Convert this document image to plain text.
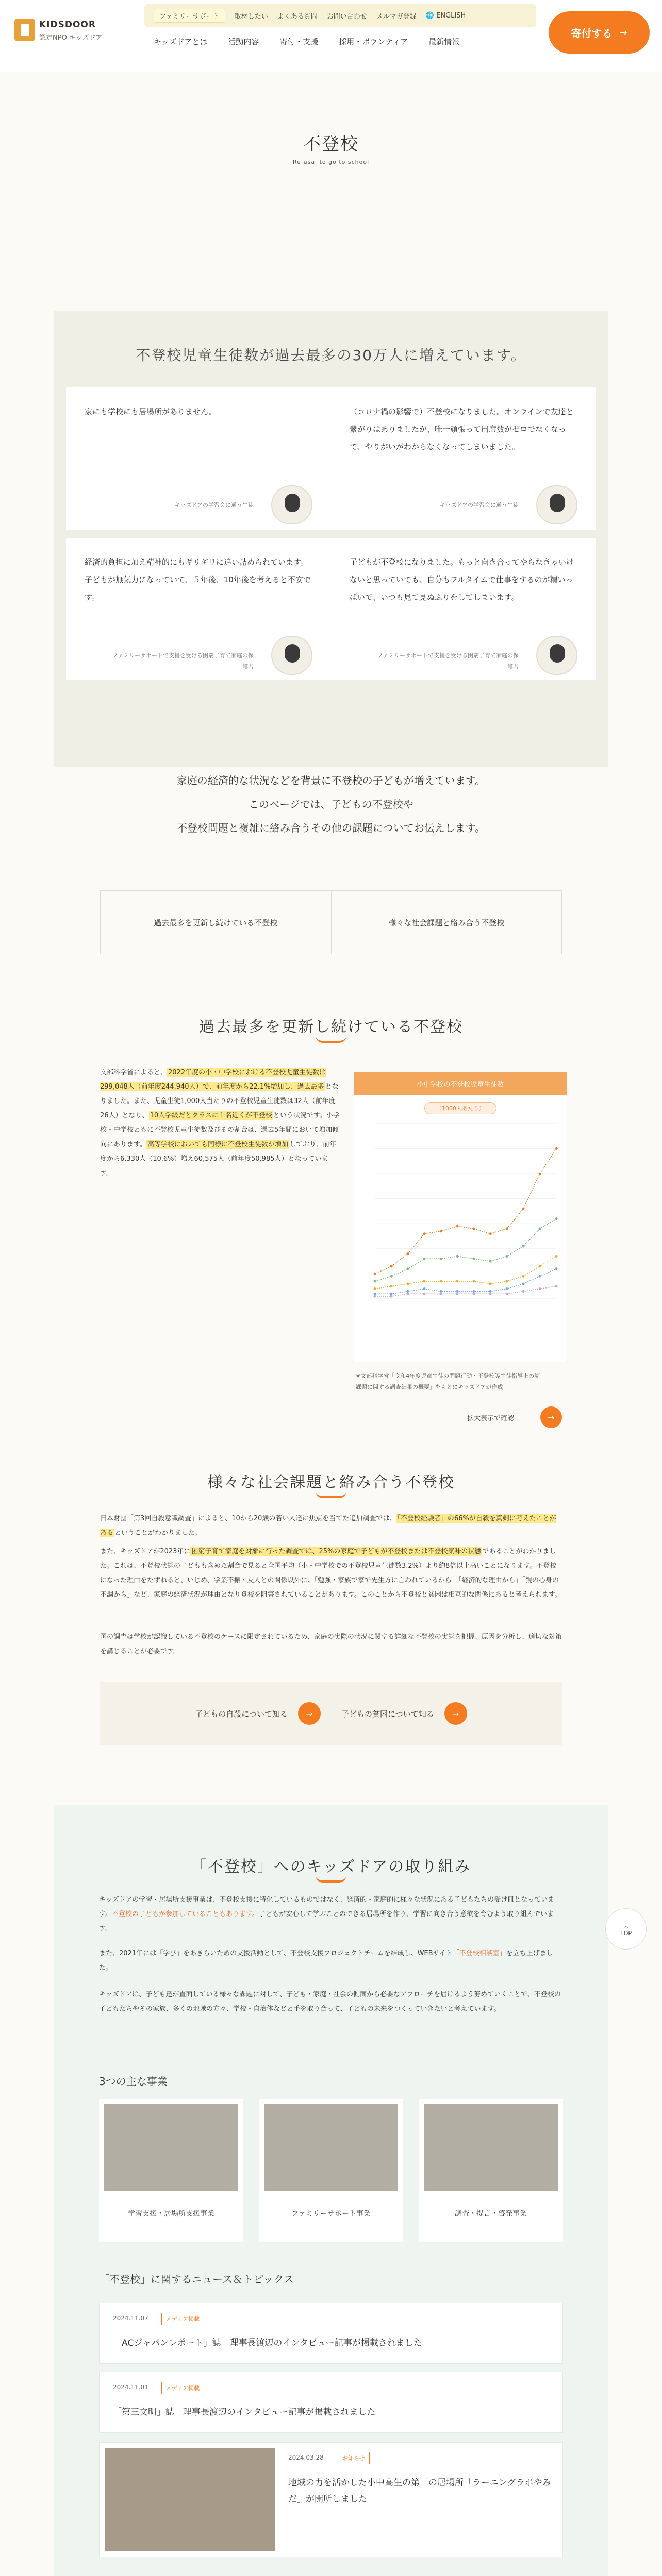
KIDSDOOR
認定NPO キッズドア
ファミリーサポート	取材したい よくある質問 お問い合わせ メルマガ登録 🌐 ENGLISH
キッズドアとは	活動内容	寄付・支援	採用・ボランティア	最新情報
寄付する →
不登校
Refusal to go to school
不登校児童生徒数が過去最多の30万人に増えています。
家にも学校にも居場所がありません。
キッズドアの学習会に通う生徒
（コロナ禍の影響で）不登校になりました。オンラインで友達と繋がりはありましたが、唯一頑張って出席数がゼロでなくなって、やりがいがわからなくなってしまいました。
キッズドアの学習会に通う生徒
経済的負担に加え精神的にもギリギリに追い詰められています。子どもが無気力になっていて、５年後、10年後を考えると不安です。
ファミリーサポートで支援を受ける困窮子育て家庭の保護者
子どもが不登校になりました。もっと向き合ってやらなきゃいけないと思っていても、自分もフルタイムで仕事をするのが精いっぱいで、いつも見て見ぬふりをしてしまいます。
ファミリーサポートで支援を受ける困窮子育て家庭の保護者
家庭の経済的な状況などを背景に不登校の子どもが増えています。
このページでは、子どもの不登校や
不登校問題と複雑に絡み合うその他の課題についてお伝えします。
過去最多を更新し続けている不登校	様々な社会課題と絡み合う不登校
過去最多を更新し続けている不登校
文部科学省によると、 2022年度の小・中学校における不登校児童生徒数は299,048人（前年度244,940人）で、前年度から22.1%増加し、過去最多 となりました。また、児童生徒1,000人当たりの不登校児童生徒数は32人（前年度26人）となり、 10人学級だとクラスに１名近くが不登校 という状況です。小学校・中学校ともに不登校児童生徒数及びその割合は、過去5年間において増加傾向にあります。 高等学校においても同様に不登校生徒数が増加 しており、前年度から6,330人（10.6%）増え60,575人（前年度50,985人）となっています。
小中学校の不登校児童生徒数
（1000人あたり）
※文部科学省「令和4年度児童生徒の問題行動・不登校等生徒指導上の諸課題に関する調査結果の概要」をもとにキッズドアが作成
拡大表示で確認	→
様々な社会課題と絡み合う不登校
日本財団「第3回自殺意識調査」によると、10から20歳の若い人達に焦点を当てた追加調査では、 「不登校経験者」の66%が自殺を真剣に考えたことがある ということがわかりました。
また、キッズドアが2023年に 困窮子育て家庭を対象に行った調査では、25%の家庭で子どもが不登校または不登校気味の状態 であることがわかりました。これは、不登校状態の子どもも含めた割合で見ると全国平均（小・中学校での不登校児童生徒数3.2%）より約8倍以上高いことになります。不登校になった理由をたずねると、いじめ、学業不振・友人との関係以外に、「勉強・家族で家で先生方に言われているから」「経済的な理由から」「親の心身の不調から」など、家庭の経済状況が理由となり登校を阻害されていることがあります。このことから不登校と貧困は相互的な関係にあると考えられます。
国の調査は学校が認識している不登校のケースに限定されているため、家庭の実際の状況に関する詳細な不登校の実態を把握、原因を分析し、適切な対策を講じることが必要です。
子どもの自殺について知る	→	子どもの貧困について知る	→
「不登校」へのキッズドアの取り組み
キッズドアの学習・居場所支援事業は、不登校支援に特化しているものではなく、経済的・家庭的に様々な状況にある子どもたちの受け皿となっています。不登校の子どもが参加していることもあります。子どもが安心して学ぶことのできる居場所を作り、学習に向き合う意欲を育むよう取り組んでいます。
また、2021年には「学び」をあきらいための支援活動として、不登校支援プロジェクトチームを結成し、WEBサイト「不登校相談室」を立ち上げました。
キッズドアは、子ども達が直面している様々な課題に対して、子ども・家庭・社会の側面から必要なアプローチを届けるよう努めていくことで、不登校の子どもたちやその家族、多くの地域の方々、学校・自治体などと手を取り合って、子どもの未来をつくっていきたいと考えています。
3つの主な事業
学習支援・居場所支援事業	ファミリーサポート事業	調査・提言・啓発事業
「不登校」に関するニュース＆トピックス
2024.11.07	メディア掲載
「ACジャパンレポート」誌　理事長渡辺のインタビュー記事が掲載されました
2024.11.01	メディア掲載
「第三文明」誌　理事長渡辺のインタビュー記事が掲載されました
2024.03.28	お知らせ
地域の力を活かした小中高生の第三の居場所「ラーニングラボやみだ」が開所しました
︿
TOP
